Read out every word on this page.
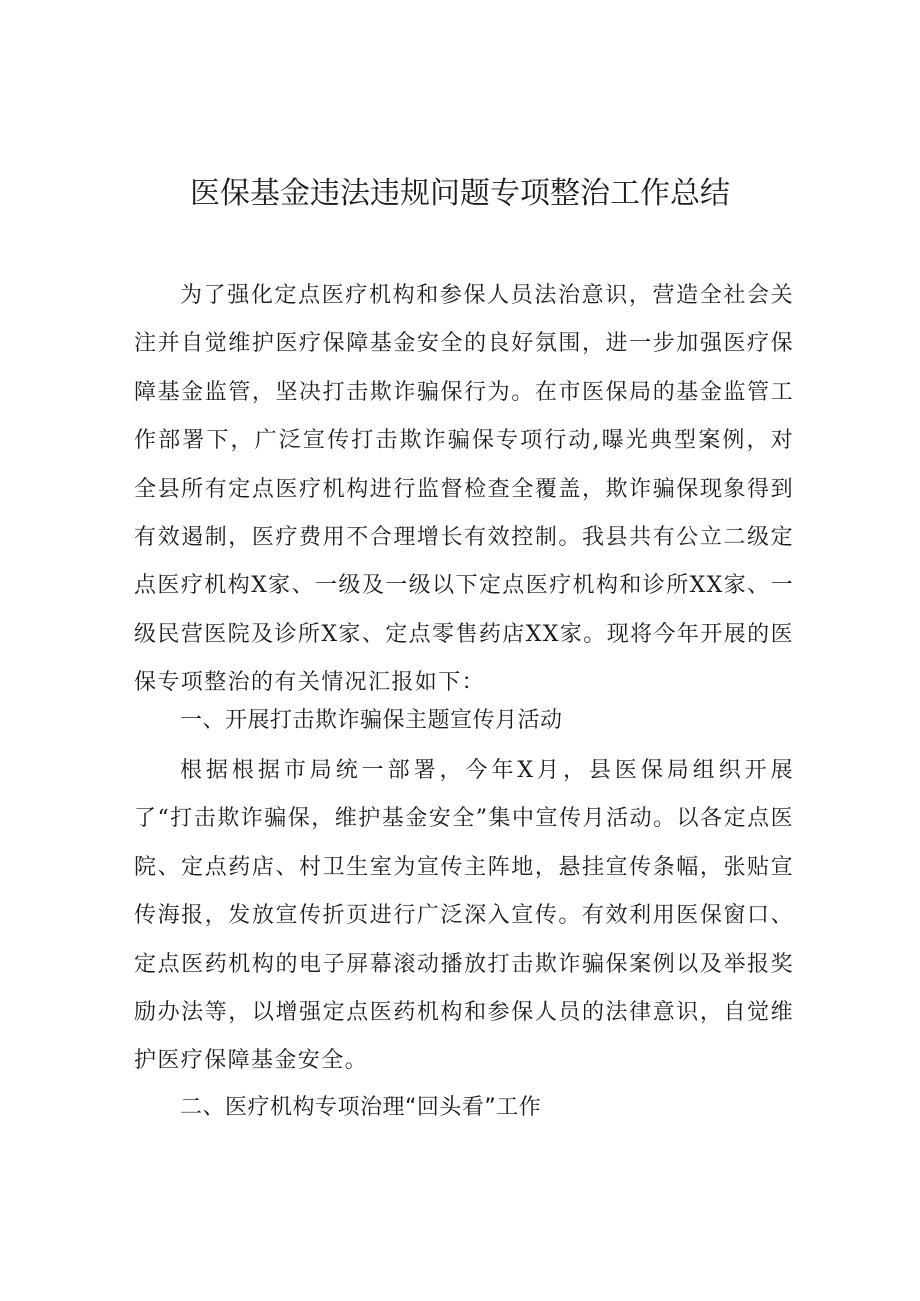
医保基金违法违规问题专项整治工作总结

为了强化定点医疗机构和参保人员法治意识，营造全社会关注并自觉维护医疗保障基金安全的良好氛围，进一步加强医疗保障基金监管，坚决打击欺诈骗保行为。在市医保局的基金监管工作部署下，广泛宣传打击欺诈骗保专项行动,曝光典型案例，对全县所有定点医疗机构进行监督检查全覆盖，欺诈骗保现象得到有效遏制，医疗费用不合理增长有效控制。我县共有公立二级定点医疗机构X家、一级及一级以下定点医疗机构和诊所XX家、一级民营医院及诊所X家、定点零售药店XX家。现将今年开展的医保专项整治的有关情况汇报如下：

一、开展打击欺诈骗保主题宣传月活动

根据根据市局统一部署，今年X月，县医保局组织开展了“打击欺诈骗保，维护基金安全”集中宣传月活动。以各定点医院、定点药店、村卫生室为宣传主阵地，悬挂宣传条幅，张贴宣传海报，发放宣传折页进行广泛深入宣传。有效利用医保窗口、定点医药机构的电子屏幕滚动播放打击欺诈骗保案例以及举报奖励办法等，以增强定点医药机构和参保人员的法律意识，自觉维护医疗保障基金安全。

二、医疗机构专项治理“回头看”工作
